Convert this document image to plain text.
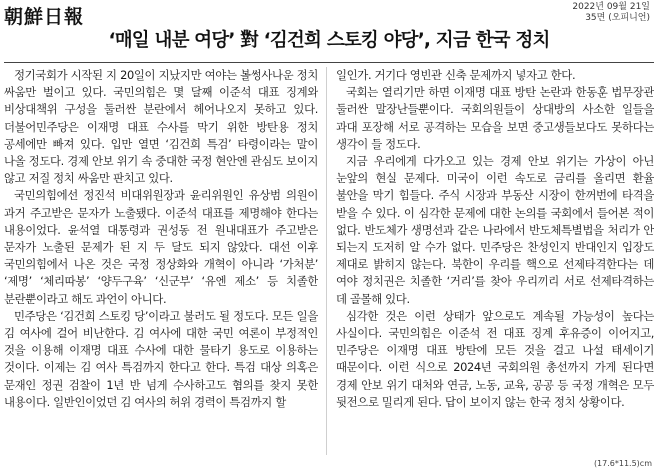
朝鮮日報	2022년 09월 21일
35면 (오피니언)
‘매일 내분 여당’ 對 ‘김건희 스토킹 야당’, 지금 한국 정치

정기국회가 시작된 지 20일이 지났지만 여야는 볼썽사나운 정치 싸움만 벌이고 있다. 국민의힘은 몇 달째 이준석 대표 징계와 비상대책위 구성을 둘러싼 분란에서 헤어나오지 못하고 있다. 더불어민주당은 이재명 대표 수사를 막기 위한 방탄용 정치 공세에만 빠져 있다. 입만 열면 ‘김건희 특검’ 타령이라는 말이 나올 정도다. 경제 안보 위기 속 중대한 국정 현안엔 관심도 보이지 않고 저질 정치 싸움만 판치고 있다.

국민의힘에선 정진석 비대위원장과 윤리위원인 유상범 의원이 과거 주고받은 문자가 노출됐다. 이준석 대표를 제명해야 한다는 내용이었다. 윤석열 대통령과 권성동 전 원내대표가 주고받은 문자가 노출된 문제가 된 지 두 달도 되지 않았다. 대선 이후 국민의힘에서 나온 것은 국정 정상화와 개혁이 아니라 ‘가처분’ ‘제명’ ‘체리따봉’ ‘양두구육’ ‘신군부’ ‘유엔 제소’ 등 치졸한 분란뿐이라고 해도 과언이 아니다.

민주당은 ‘김건희 스토킹 당’이라고 불러도 될 정도다. 모든 일을 김 여사에 걸어 비난한다. 김 여사에 대한 국민 여론이 부정적인 것을 이용해 이재명 대표 수사에 대한 물타기 용도로 이용하는 것이다. 이제는 김 여사 특검까지 한다고 한다. 특검 대상 의혹은 문재인 정권 검찰이 1년 반 넘게 수사하고도 혐의를 찾지 못한 내용이다. 일반인이었던 김 여사의 허위 경력이 특검까지 할

일인가. 거기다 영빈관 신축 문제까지 넣자고 한다.

국회는 열리기만 하면 이재명 대표 방탄 논란과 한동훈 법무장관 둘러싼 말장난들뿐이다. 국회의원들이 상대방의 사소한 일들을 과대 포장해 서로 공격하는 모습을 보면 중고생들보다도 못하다는 생각이 들 정도다.

지금 우리에게 다가오고 있는 경제 안보 위기는 가상이 아닌 눈앞의 현실 문제다. 미국이 이런 속도로 금리를 올리면 환율 불안을 막기 힘들다. 주식 시장과 부동산 시장이 한꺼번에 타격을 받을 수 있다. 이 심각한 문제에 대한 논의를 국회에서 들어본 적이 없다. 반도체가 생명선과 같은 나라에서 반도체특별법을 처리가 안 되는지 도저히 알 수가 없다. 민주당은 찬성인지 반대인지 입장도 제대로 밝히지 않는다. 북한이 우리를 핵으로 선제타격한다는 데 여야 정치권은 치졸한 ‘거리’를 찾아 우리끼리 서로 선제타격하는 데 골몰해 있다.

심각한 것은 이런 상태가 앞으로도 계속될 가능성이 높다는 사실이다. 국민의힘은 이준석 전 대표 징계 후유증이 이어지고, 민주당은 이재명 대표 방탄에 모든 것을 걸고 나설 태세이기 때문이다. 이런 식으로 2024년 국회의원 총선까지 가게 된다면 경제 안보 위기 대처와 연금, 노동, 교육, 공공 등 국정 개혁은 모두 뒷전으로 밀리게 된다. 답이 보이지 않는 한국 정치 상황이다.

(17.6*11.5)cm
